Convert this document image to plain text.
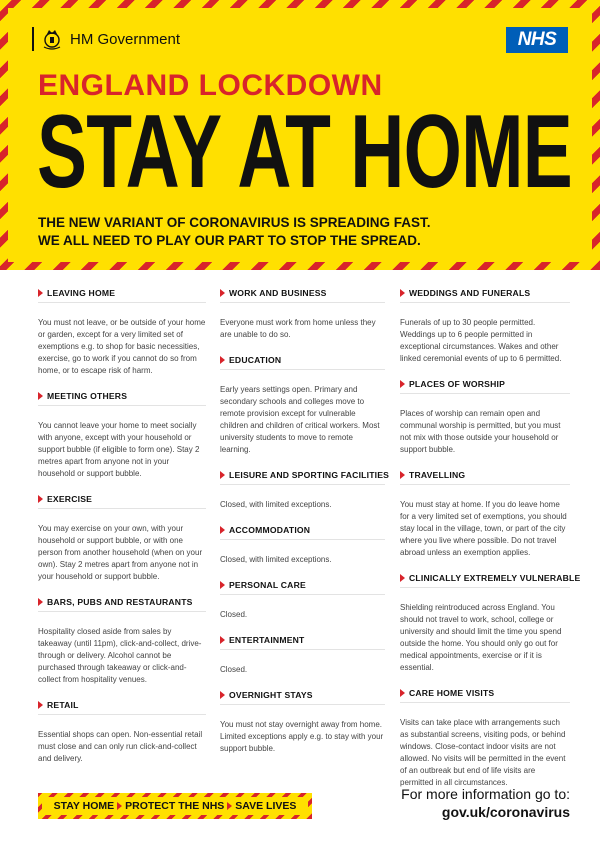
HM Government	NHS
ENGLAND LOCKDOWN
STAY AT HOME
THE NEW VARIANT OF CORONAVIRUS IS SPREADING FAST.
WE ALL NEED TO PLAY OUR PART TO STOP THE SPREAD.
LEAVING HOME
You must not leave, or be outside of your home or garden, except for a very limited set of exemptions e.g. to shop for basic necessities, exercise, go to work if you cannot do so from home, or to escape risk of harm.
MEETING OTHERS
You cannot leave your home to meet socially with anyone, except with your household or support bubble (if eligible to form one). Stay 2 metres apart from anyone not in your household or support bubble.
EXERCISE
You may exercise on your own, with your household or support bubble, or with one person from another household (when on your own). Stay 2 metres apart from anyone not in your household or support bubble.
BARS, PUBS AND RESTAURANTS
Hospitality closed aside from sales by takeaway (until 11pm), click-and-collect, drive-through or delivery. Alcohol cannot be purchased through takeaway or click-and-collect from hospitality venues.
RETAIL
Essential shops can open. Non-essential retail must close and can only run click-and-collect and delivery.
WORK AND BUSINESS
Everyone must work from home unless they are unable to do so.
EDUCATION
Early years settings open. Primary and secondary schools and colleges move to remote provision except for vulnerable children and children of critical workers. Most university students to move to remote learning.
LEISURE AND SPORTING FACILITIES
Closed, with limited exceptions.
ACCOMMODATION
Closed, with limited exceptions.
PERSONAL CARE
Closed.
ENTERTAINMENT
Closed.
OVERNIGHT STAYS
You must not stay overnight away from home. Limited exceptions apply e.g. to stay with your support bubble.
WEDDINGS AND FUNERALS
Funerals of up to 30 people permitted. Weddings up to 6 people permitted in exceptional circumstances. Wakes and other linked ceremonial events of up to 6 permitted.
PLACES OF WORSHIP
Places of worship can remain open and communal worship is permitted, but you must not mix with those outside your household or support bubble.
TRAVELLING
You must stay at home. If you do leave home for a very limited set of exemptions, you should stay local in the village, town, or part of the city where you live where possible. Do not travel abroad unless an exemption applies.
CLINICALLY EXTREMELY VULNERABLE
Shielding reintroduced across England. You should not travel to work, school, college or university and should limit the time you spend outside the home. You should only go out for medical appointments, exercise or if it is essential.
CARE HOME VISITS
Visits can take place with arrangements such as substantial screens, visiting pods, or behind windows. Close-contact indoor visits are not allowed. No visits will be permitted in the event of an outbreak but end of life visits are permitted in all circumstances.
STAY HOME PROTECT THE NHS SAVE LIVES
For more information go to:
gov.uk/coronavirus
